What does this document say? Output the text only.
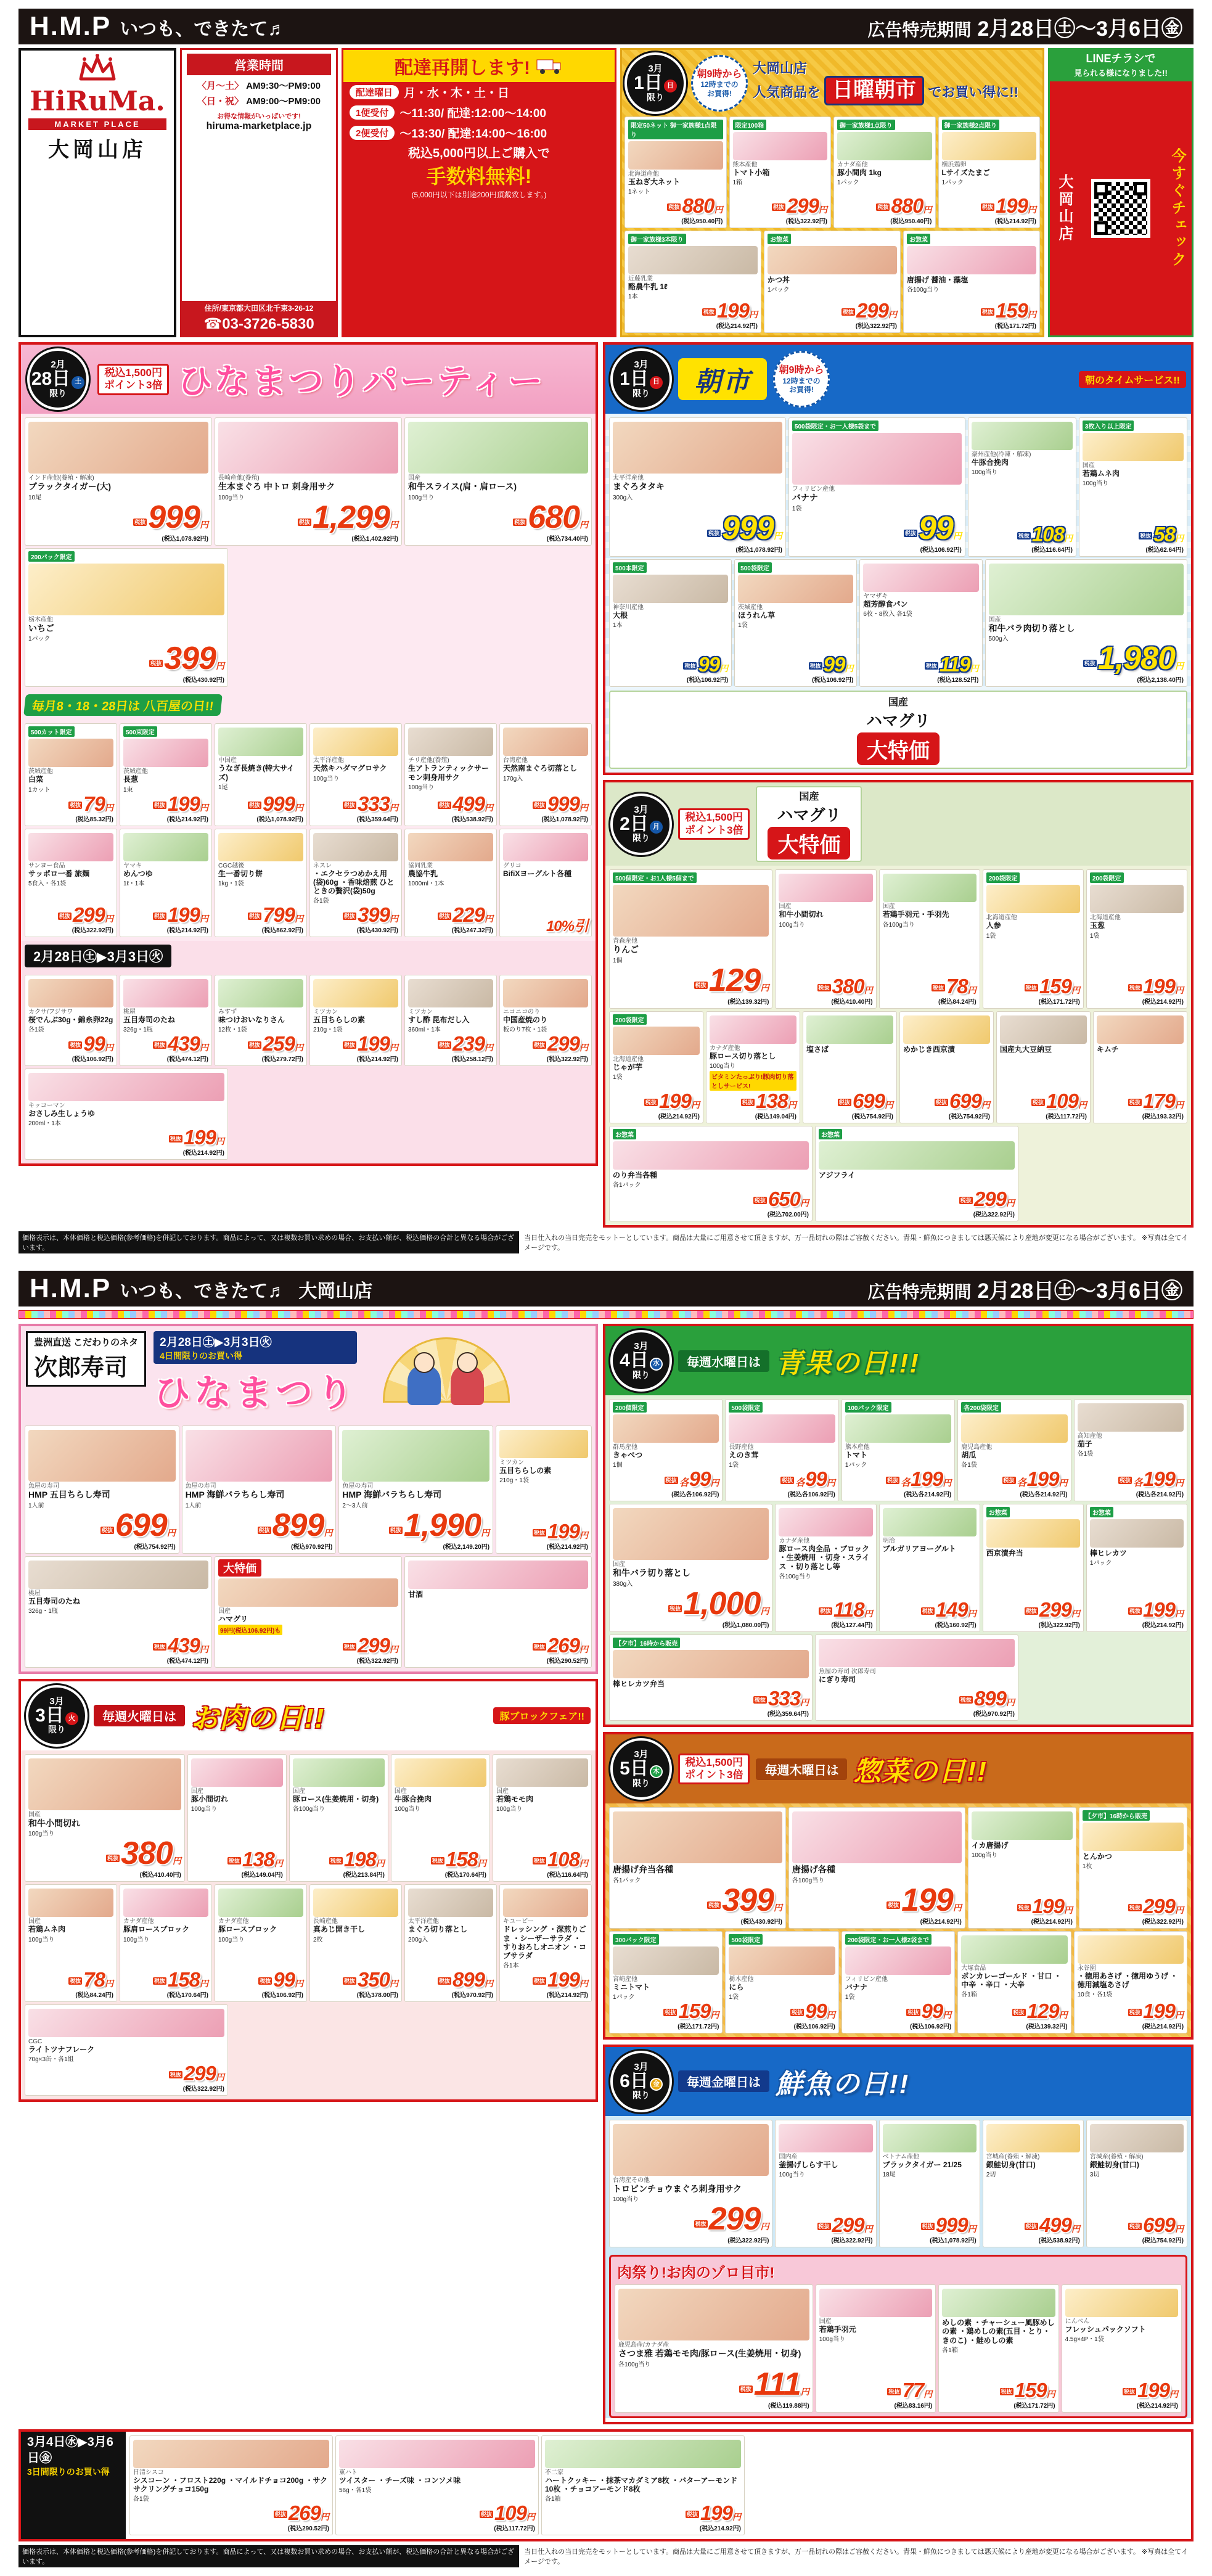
H.M.P いつも、できたて♬	広告特売期間 2月28日㊏〜3月6日㊎
HiRuMa.
MARKET PLACE
大岡山店
営業時間
〈月〜土〉 AM9:30〜PM9:00
〈日・祝〉 AM9:00〜PM9:00
お得な情報がいっぱいです!
hiruma-marketplace.jp
住所/東京都大田区北千束3-26-12
☎03-3726-5830
配達再開します!
配達曜日 月・水・木・土・日
1便受付 〜11:30/ 配達:12:00〜14:00
2便受付 〜13:30/ 配達:14:00〜16:00
税込5,000円以上ご購入で
手数料無料!
(5,000円以下は別途200円頂戴致します。)
3月
1日 日
限り
朝9時から
12時までの
お買得!
大岡山店
人気商品を 日曜朝市 でお買い得に!!
限定50ネット 御一家族様1点限り
北海道産他
玉ねぎ大ネット
1ネット
$^{税抜}$ 880円
(税込950.40円)
限定100箱
熊本産他
トマト小箱
1箱
$^{税抜}$ 299円
(税込322.92円)
御一家族様1点限り
カナダ産他
豚小間肉 1kg
1パック
$^{税抜}$ 880円
(税込950.40円)
御一家族様2点限り
横浜鶏卵
Lサイズたまご
1パック
$^{税抜}$ 199円
(税込214.92円)
御一家族様3本限り
近藤乳業
酪農牛乳 1ℓ
1本
$^{税抜}$ 199円
(税込214.92円)
お惣菜
かつ丼
1パック
$^{税抜}$ 299円
(税込322.92円)
お惣菜
唐揚げ 醤油・藻塩
各100g当り
$^{税抜}$ 159円
(税込171.72円)
LINEチラシで
見られる様になりました!!
大岡山店	今すぐチェック
2月
28日 土
限り
税込1,500円
ポイント3倍 ひなまつりパーティー
インド産他(養殖・解凍)
ブラックタイガー(大)
10尾
$^{税抜}$999円
(税込1,078.92円)
長崎産他(養殖)
生本まぐろ 中トロ 刺身用サク
100g当り
$^{税抜}$1,299円
(税込1,402.92円)
国産
和牛スライス(肩・肩ロース)
100g当り
$^{税抜}$680円
(税込734.40円)
200パック限定
栃木産他
いちご
1パック
$^{税抜}$399円
(税込430.92円)
毎月8・18・28日は 八百屋の日!!
500カット限定
茨城産他
白菜
1カット
$^{税抜}$ 79円
(税込85.32円)
500束限定
茨城産他
長葱
1束
$^{税抜}$ 199円
(税込214.92円)
中国産
うなぎ長焼き(特大サイズ)
1尾
$^{税抜}$ 999円
(税込1,078.92円)
太平洋産他
天然キハダマグロサク
100g当り
$^{税抜}$ 333円
(税込359.64円)
チリ産他(養殖)
生アトランティックサーモン刺身用サク
100g当り
$^{税抜}$ 499円
(税込538.92円)
台湾産他
天然南まぐろ切落とし
170g入
$^{税抜}$ 999円
(税込1,078.92円)
サンヨー食品
サッポロ一番 旅麺
5食入・各1袋
$^{税抜}$ 299円
(税込322.92円)
ヤマキ
めんつゆ
1ℓ・1本
$^{税抜}$ 199円
(税込214.92円)
CGC越後
生一番切り餅
1kg・1袋
$^{税抜}$ 799円
(税込862.92円)
ネスレ
・エクセラつめかえ用(袋)60g ・香味焙煎 ひとときの贅沢(袋)50g
各1袋
$^{税抜}$ 399円
(税込430.92円)
協同乳業
農協牛乳
1000ml・1本
$^{税抜}$ 229円
(税込247.32円)
グリコ
BifiXヨーグルト各種
10%引
2月28日㊏▶3月3日㊋
カクサ/フジサワ
桜でんぶ30g・錦糸卵22g
各1袋
$^{税抜}$ 99円
(税込106.92円)
桃屋
五目寿司のたね
326g・1瓶
$^{税抜}$ 439円
(税込474.12円)
みすず
味つけおいなりさん
12枚・1袋
$^{税抜}$ 259円
(税込279.72円)
ミツカン
五目ちらしの素
210g・1袋
$^{税抜}$ 199円
(税込214.92円)
ミツカン
すし酢 昆布だし入
360ml・1本
$^{税抜}$ 239円
(税込258.12円)
ニコニコのり
中国産焼のり
板のり7枚・1袋
$^{税抜}$ 299円
(税込322.92円)
キッコーマン
おさしみ生しょうゆ
200ml・1本
$^{税抜}$ 199円
(税込214.92円)
3月
1日 日
限り	朝市	朝9時から
12時までの
お買得!
朝のタイムサービス!!
太平洋産他
まぐろタタキ
300g入
$^{税抜}$999円
(税込1,078.92円)
500袋限定・お一人様5袋まで
フィリピン産他
バナナ
1袋
$^{税抜}$99円
(税込106.92円)
豪州産他(冷凍・解凍)
牛豚合挽肉
100g当り
$^{税抜}$ 108円
(税込116.64円)
3枚入り以上限定
国産
若鶏ムネ肉
100g当り
$^{税抜}$ 58円
(税込62.64円)
500本限定
神奈川産他
大根
1本
$^{税抜}$ 99円
(税込106.92円)
500袋限定
茨城産他
ほうれん草
1袋
$^{税抜}$ 99円
(税込106.92円)
ヤマザキ
超芳醇食パン
6枚・8枚入 各1袋
$^{税抜}$ 119円
(税込128.52円)
国産
和牛バラ肉切り落とし
500g入
$^{税抜}$1,980円
(税込2,138.40円)
国産
ハマグリ
大特価
3月
2日 月
限り
税込1,500円
ポイント3倍
国産
ハマグリ
大特価
500個限定・お1人様5個まで
青森産他
りんご
1個
$^{税抜}$129円
(税込139.32円)
国産
和牛小間切れ
100g当り
$^{税抜}$ 380円
(税込410.40円)
国産
若鶏手羽元・手羽先
各100g当り
$^{税抜}$ 78円
(税込84.24円)
200袋限定
北海道産他
人参
1袋
$^{税抜}$ 159円
(税込171.72円)
200袋限定
北海道産他
玉葱
1袋
$^{税抜}$ 199円
(税込214.92円)
200袋限定
北海道産他
じゃが芋
1袋
$^{税抜}$ 199円
(税込214.92円)
カナダ産他
豚ロース切り落とし
100g当り
ビタミンたっぷり!豚肉切り落としサービス!
$^{税抜}$ 138円
(税込149.04円)
塩さば
$^{税抜}$ 699円
(税込754.92円)
めかじき西京漬
$^{税抜}$ 699円
(税込754.92円)
国産丸大豆納豆
$^{税抜}$ 109円
(税込117.72円)
キムチ
$^{税抜}$ 179円
(税込193.32円)
お惣菜
のり弁当各種
各1パック
$^{税抜}$ 650円
(税込702.00円)
お惣菜
アジフライ
$^{税抜}$ 299円
(税込322.92円)
価格表示は、本体価格と税込価格(参考価格)を併記しております。商品によって、又は複数お買い求めの場合、お支払い額が、税込価格の合計と異なる場合がございます。
当日仕入れの当日完売をモットーとしています。商品は大量にご用意させて頂きますが、万一品切れの際はご容赦ください。青果・鮮魚につきましては悪天候により産地が変更になる場合がございます。 ※写真は全てイメージです。
H.M.P いつも、できたて♬ 大岡山店	広告特売期間 2月28日㊏〜3月6日㊎
豊洲直送 こだわりのネタ
次郎寿司
2月28日㊏▶3月3日㊋
4日間限りのお買い得
ひなまつり
魚屋の寿司
HMP 五目ちらし寿司
1人前
$^{税抜}$699円
(税込754.92円)
魚屋の寿司
HMP 海鮮バラちらし寿司
1人前
$^{税抜}$899円
(税込970.92円)
魚屋の寿司
HMP 海鮮バラちらし寿司
2〜3人前
$^{税抜}$1,990円
(税込2,149.20円)
ミツカン
五目ちらしの素
210g・1袋
$^{税抜}$ 199円
(税込214.92円)
桃屋
五目寿司のたね
326g・1瓶
$^{税抜}$ 439円
(税込474.12円)
大特価
国産
ハマグリ
99円(税込106.92円)も
$^{税抜}$ 299円
(税込322.92円)
甘酒
$^{税抜}$ 269円
(税込290.52円)
3月
3日 火
限り
毎週火曜日は お肉の日!!	豚ブロックフェア!!
国産
和牛小間切れ
100g当り
$^{税抜}$380円
(税込410.40円)
国産
豚小間切れ
100g当り
$^{税抜}$ 138円
(税込149.04円)
国産
豚ロース(生姜焼用・切身)
各100g当り
$^{税抜}$ 198円
(税込213.84円)
国産
牛豚合挽肉
100g当り
$^{税抜}$ 158円
(税込170.64円)
国産
若鶏モモ肉
100g当り
$^{税抜}$ 108円
(税込116.64円)
国産
若鶏ムネ肉
100g当り
$^{税抜}$ 78円
(税込84.24円)
カナダ産他
豚肩ロースブロック
100g当り
$^{税抜}$ 158円
(税込170.64円)
カナダ産他
豚ロースブロック
100g当り
$^{税抜}$ 99円
(税込106.92円)
長崎産他
真あじ開き干し
2枚
$^{税抜}$ 350円
(税込378.00円)
太平洋産他
まぐろ切り落とし
200g入
$^{税抜}$ 899円
(税込970.92円)
キユーピー
ドレッシング ・深煎りごま ・シーザーサラダ ・すりおろしオニオン ・コブサラダ
各1本
$^{税抜}$ 199円
(税込214.92円)
CGC
ライトツナフレーク
70g×3缶・各1組
$^{税抜}$ 299円
(税込322.92円)
3月
4日 水
限り
毎週水曜日は 青果の日!!!
200個限定
群馬産他
きゃべつ
1個
$^{税抜}$ 各99円
(税込各106.92円)
500袋限定
長野産他
えのき茸
1袋
$^{税抜}$ 各99円
(税込各106.92円)
100パック限定
熊本産他
トマト
1パック
$^{税抜}$ 各199円
(税込各214.92円)
各200袋限定
鹿児島産他
胡瓜
各1袋
$^{税抜}$ 各199円
(税込各214.92円)
高知産他
茄子
各1袋
$^{税抜}$ 各199円
(税込各214.92円)
国産
和牛バラ切り落とし
380g入
$^{税抜}$1,000円
(税込1,080.00円)
カナダ産他
豚ロース肉全品 ・ブロック ・生姜焼用 ・切身・スライス ・切り落とし等
各100g当り
$^{税抜}$ 118円
(税込127.44円)
明治
ブルガリアヨーグルト
$^{税抜}$ 149円
(税込160.92円)
お惣菜
西京漬弁当
$^{税抜}$ 299円
(税込322.92円)
お惣菜
棒ヒレカツ
1パック
$^{税抜}$ 199円
(税込214.92円)
【夕市】16時から販売
棒ヒレカツ弁当
$^{税抜}$ 333円
(税込359.64円)
魚屋の寿司 次郎寿司
にぎり寿司
$^{税抜}$ 899円
(税込970.92円)
3月
5日 木
限り
税込1,500円
ポイント3倍	毎週木曜日は 惣菜の日!!
唐揚げ弁当各種
各1パック
$^{税抜}$399円
(税込430.92円)
唐揚げ各種
各100g当り
$^{税抜}$199円
(税込214.92円)
イカ唐揚げ
100g当り
$^{税抜}$ 199円
(税込214.92円)
【夕市】16時から販売
とんかつ
1枚
$^{税抜}$ 299円
(税込322.92円)
300パック限定
宮崎産他
ミニトマト
1パック
$^{税抜}$ 159円
(税込171.72円)
500袋限定
栃木産他
にら
1袋
$^{税抜}$ 99円
(税込106.92円)
200袋限定・お一人様2袋まで
フィリピン産他
バナナ
1袋
$^{税抜}$ 99円
(税込106.92円)
大塚食品
ボンカレーゴールド ・甘口 ・中辛 ・辛口 ・大辛
各1箱
$^{税抜}$ 129円
(税込139.32円)
永谷園
・徳用あさげ ・徳用ゆうげ ・徳用減塩あさげ
10食・各1袋
$^{税抜}$ 199円
(税込214.92円)
3月
6日 金
限り
毎週金曜日は 鮮魚の日!!
台湾産その他
トロビンチョウまぐろ刺身用サク
100g当り
$^{税抜}$299円
(税込322.92円)
国内産
釜揚げしらす干し
100g当り
$^{税抜}$ 299円
(税込322.92円)
ベトナム産他
ブラックタイガー 21/25
18尾
$^{税抜}$ 999円
(税込1,078.92円)
宮城産(養殖・解凍)
銀鮭切身(甘口)
2切
$^{税抜}$ 499円
(税込538.92円)
宮城産(養殖・解凍)
銀鮭切身(甘口)
3切
$^{税抜}$ 699円
(税込754.92円)
肉祭り!お肉のゾロ目市!
鹿児島産/カナダ産
さつま雅 若鶏モモ肉/豚ロース(生姜焼用・切身)
各100g当り
$^{税抜}$111円
(税込119.88円)
国産
若鶏手羽元
100g当り
$^{税抜}$ 77円
(税込83.16円)
めしの素 ・チャーシュー風豚めしの素 ・鶏めしの素(五目・とり・きのこ) ・鮭めしの素
各1箱
$^{税抜}$ 159円
(税込171.72円)
にんべん
フレッシュパックソフト
4.5g×4P・1袋
$^{税抜}$ 199円
(税込214.92円)
3月4日㊌▶3月6日㊎
3日間限りのお買い得	日清シスコ
シスコーン ・フロスト220g ・マイルドチョコ200g ・サクサクリングチョコ150g
各1袋
$^{税抜}$ 269円
(税込290.52円)
東ハト
ツイスター ・チーズ味 ・コンソメ味
56g・各1袋
$^{税抜}$ 109円
(税込117.72円)
不二家
ハートクッキー ・抹茶マカダミア8枚 ・バターアーモンド10枚 ・チョコアーモンド8枚
各1箱
$^{税抜}$ 199円
(税込214.92円)
価格表示は、本体価格と税込価格(参考価格)を併記しております。商品によって、又は複数お買い求めの場合、お支払い額が、税込価格の合計と異なる場合がございます。
当日仕入れの当日完売をモットーとしています。商品は大量にご用意させて頂きますが、万一品切れの際はご容赦ください。青果・鮮魚につきましては悪天候により産地が変更になる場合がございます。 ※写真は全てイメージです。
